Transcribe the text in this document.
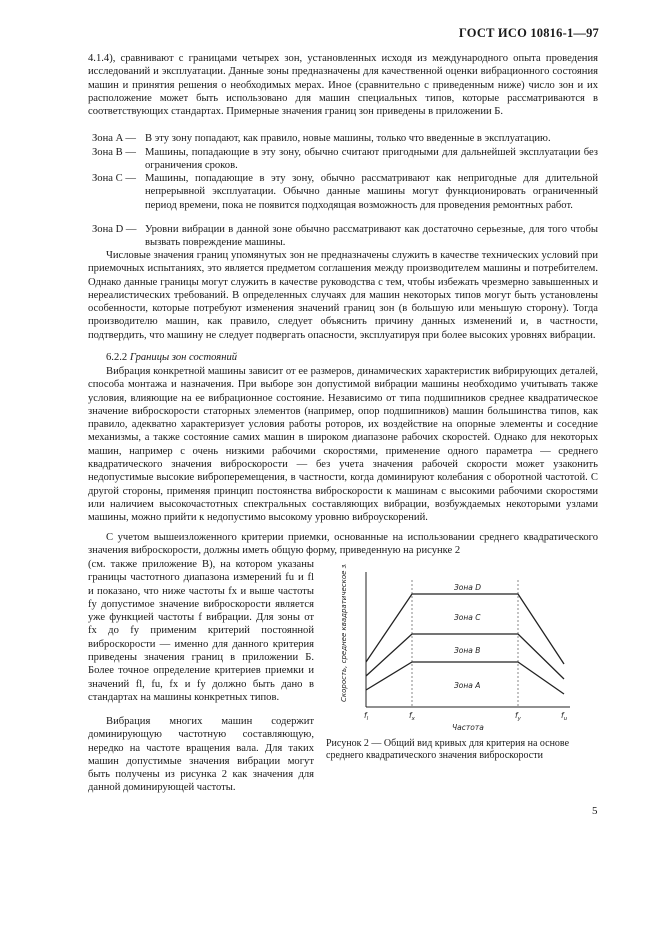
ГОСТ ИСО 10816-1—97

4.1.4), сравнивают с границами четырех зон, установленных исходя из международного опыта проведения исследований и эксплуатации. Данные зоны предназначены для качественной оценки вибрационного состояния машин и принятия решения о необходимых мерах. Иное (сравнительно с приведенным ниже) число зон и их расположение может быть использовано для машин специальных типов, которые рассматриваются в соответствующих стандартах. Примерные значения границ зон приведены в приложении Б.

Зона A — В эту зону попадают, как правило, новые машины, только что введенные в эксплуатацию.
Зона B — Машины, попадающие в эту зону, обычно считают пригодными для дальнейшей эксплуатации без ограничения сроков.
Зона C — Машины, попадающие в эту зону, обычно рассматривают как непригодные для длительной непрерывной эксплуатации. Обычно данные машины могут функционировать ограниченный период времени, пока не появится подходящая возможность для проведения ремонтных работ.
Зона D — Уровни вибрации в данной зоне обычно рассматривают как достаточно серьезные, для того чтобы вызвать повреждение машины.

Числовые значения границ упомянутых зон не предназначены служить в качестве технических условий при приемочных испытаниях, это является предметом соглашения между производителем машины и потребителем. Однако данные границы могут служить в качестве руководства с тем, чтобы избежать чрезмерно завышенных и нереалистических требований. В определенных случаях для машин некоторых типов могут быть установлены особенности, которые потребуют изменения значений границ зон (в большую или меньшую сторону). Тогда производителю машин, как правило, следует объяснить причину данных изменений и, в частности, подтвердить, что машину не следует подвергать опасности, эксплуатируя при более высоких уровнях вибрации.

6.2.2 Границы зон состояний

Вибрация конкретной машины зависит от ее размеров, динамических характеристик вибрирующих деталей, способа монтажа и назначения. При выборе зон допустимой вибрации машины необходимо учитывать также условия, влияющие на ее вибрационное состояние. Независимо от типа подшипников среднее квадратическое значение виброскорости статорных элементов (например, опор подшипников) машин большинства типов, как правило, адекватно характеризует условия работы роторов, их воздействие на опорные элементы и соседние механизмы, а также состояние самих машин в широком диапазоне рабочих скоростей. Однако для некоторых машин, например с очень низкими рабочими скоростями, применение одного параметра — среднего квадратического значения виброскорости — без учета значения рабочей скорости может узаконить недопустимые высокие виброперемещения, в частности, когда доминируют колебания с оборотной частотой. С другой стороны, применяя принцип постоянства виброскорости к машинам с высокими рабочими скоростями или наличием высокочастотных спектральных составляющих вибрации, возбуждаемых некоторыми узлами машины, можно прийти к недопустимо высокому уровню виброускорений.

С учетом вышеизложенного критерии приемки, основанные на использовании среднего квадратического значения виброскорости, должны иметь общую форму, приведенную на рисунке 2

(см. также приложение В), на котором указаны границы частотного диапазона измерений fu и fl и показано, что ниже частоты fx и выше частоты fy допустимое значение виброскорости является уже функцией частоты f вибрации. Для зоны от fx до fy применим критерий постоянной виброскорости — именно для данного критерия приведены значения границ в приложении Б. Более точное определение критериев приемки и значений fl, fu, fx и fy должно быть дано в стандартах на машины конкретных типов.

Вибрация многих машин содержит доминирующую частотную составляющую, нередко на частоте вращения вала. Для таких машин допустимые значения вибрации могут быть получены из рисунка 2 как значения для данной доминирующей частоты.

Зона D
Зона C
Зона B
Зона A
Скорость, среднее квадратическое значение
$f_l$	$f_x$	$f_y$	$f_u$
Частота

Рисунок 2 — Общий вид кривых для критерия на основе среднего квадратического значения виброскорости

5
